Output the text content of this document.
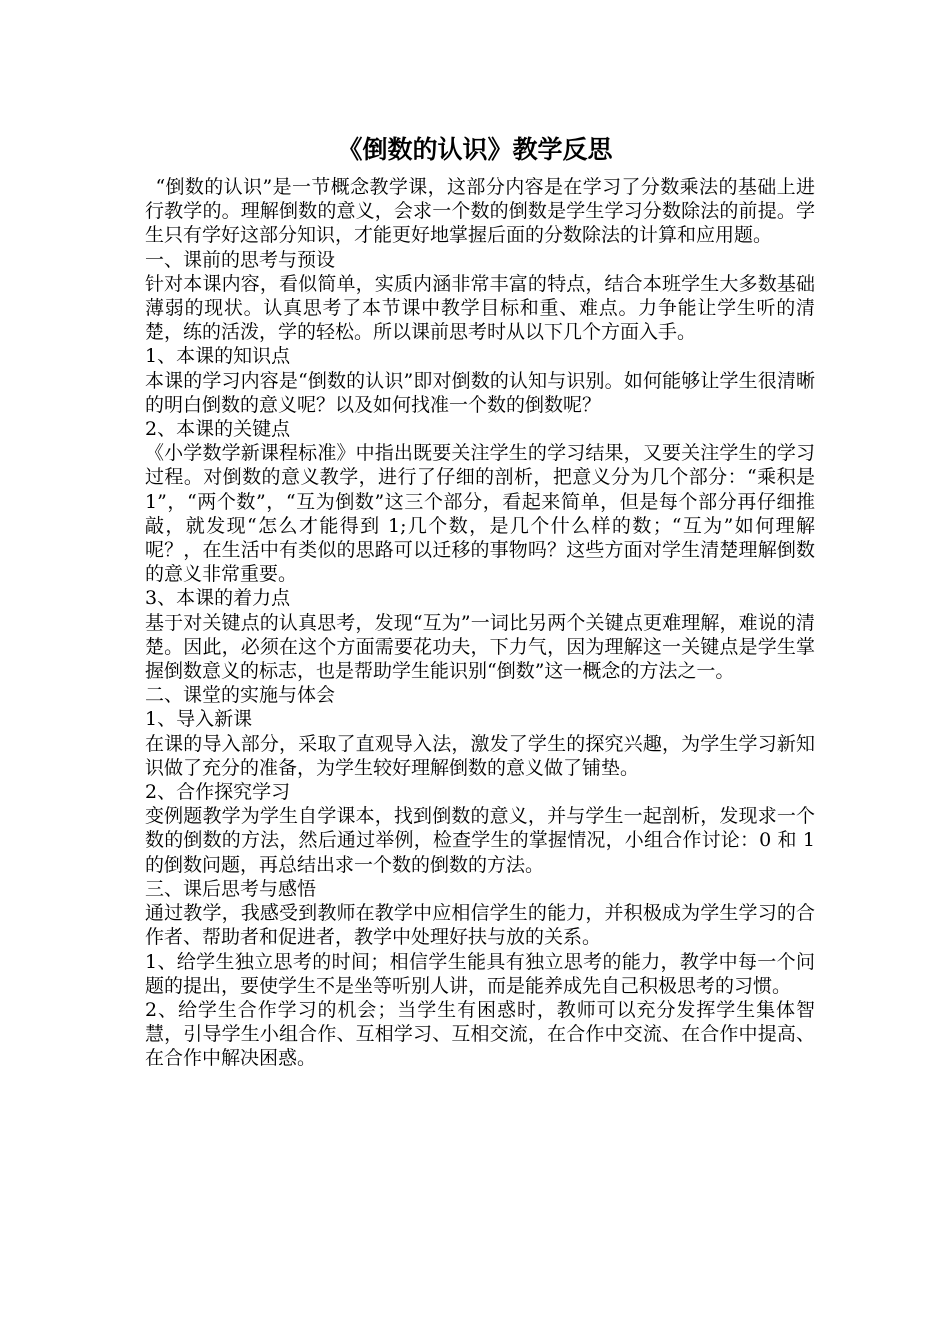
《倒数的认识》教学反思

“倒数的认识”是一节概念教学课，这部分内容是在学习了分数乘法的基础上进行教学的。理解倒数的意义，会求一个数的倒数是学生学习分数除法的前提。学生只有学好这部分知识，才能更好地掌握后面的分数除法的计算和应用题。

一、课前的思考与预设

针对本课内容，看似简单，实质内涵非常丰富的特点，结合本班学生大多数基础薄弱的现状。认真思考了本节课中教学目标和重、难点。力争能让学生听的清楚，练的活泼，学的轻松。所以课前思考时从以下几个方面入手。

1、本课的知识点

本课的学习内容是“倒数的认识”即对倒数的认知与识别。如何能够让学生很清晰的明白倒数的意义呢？以及如何找准一个数的倒数呢？

2、本课的关键点

《小学数学新课程标准》中指出既要关注学生的学习结果，又要关注学生的学习过程。对倒数的意义教学，进行了仔细的剖析，把意义分为几个部分：“乘积是 1”，“两个数”，“互为倒数”这三个部分，看起来简单，但是每个部分再仔细推敲，就发现“怎么才能得到 1;几个数，是几个什么样的数；“互为”如何理解呢？，在生活中有类似的思路可以迁移的事物吗？这些方面对学生清楚理解倒数的意义非常重要。

3、本课的着力点

基于对关键点的认真思考，发现“互为”一词比另两个关键点更难理解，难说的清楚。因此，必须在这个方面需要花功夫，下力气，因为理解这一关键点是学生掌握倒数意义的标志，也是帮助学生能识别“倒数”这一概念的方法之一。

二、课堂的实施与体会

1、导入新课

在课的导入部分，采取了直观导入法，激发了学生的探究兴趣，为学生学习新知识做了充分的准备，为学生较好理解倒数的意义做了铺垫。

2、合作探究学习

变例题教学为学生自学课本，找到倒数的意义，并与学生一起剖析，发现求一个数的倒数的方法，然后通过举例，检查学生的掌握情况，小组合作讨论：0 和 1 的倒数问题，再总结出求一个数的倒数的方法。

三、课后思考与感悟

通过教学，我感受到教师在教学中应相信学生的能力，并积极成为学生学习的合作者、帮助者和促进者，教学中处理好扶与放的关系。

1、给学生独立思考的时间；相信学生能具有独立思考的能力，教学中每一个问题的提出，要使学生不是坐等听别人讲，而是能养成先自己积极思考的习惯。

2、给学生合作学习的机会；当学生有困惑时，教师可以充分发挥学生集体智慧，引导学生小组合作、互相学习、互相交流，在合作中交流、在合作中提高、在合作中解决困惑。
